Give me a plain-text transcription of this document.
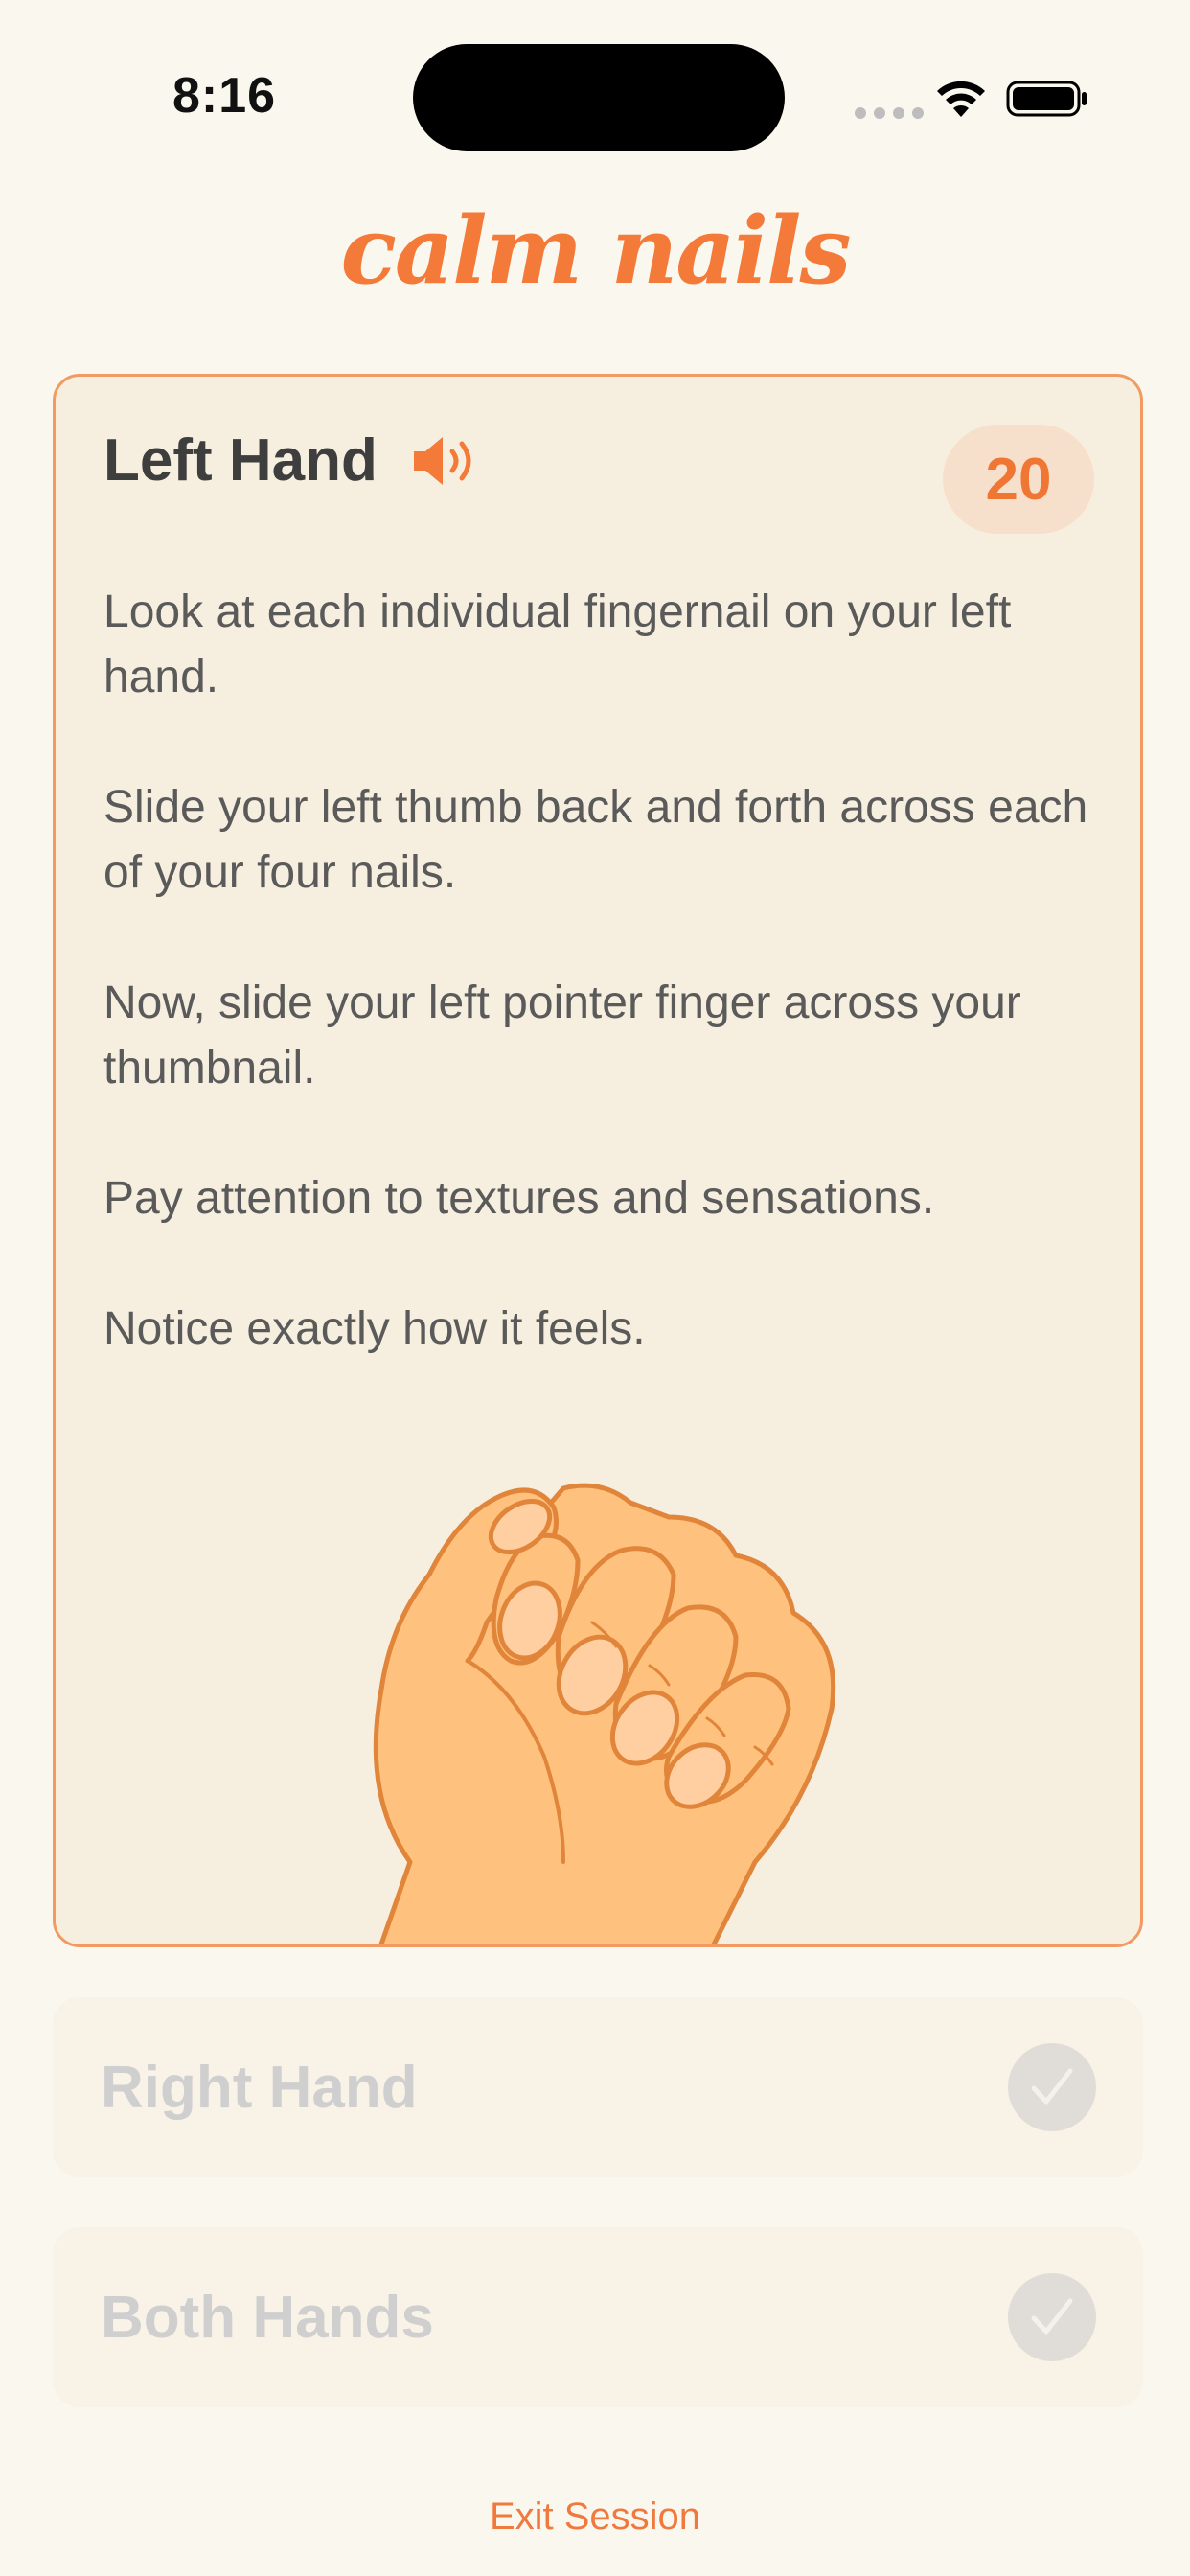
8:16
calm nails
Left Hand	20

Look at each individual fingernail on your left hand.

Slide your left thumb back and forth across each of your four nails.

Now, slide your left pointer finger across your thumbnail.

Pay attention to textures and sensations.

Notice exactly how it feels.

Right Hand
Both Hands
Exit Session
